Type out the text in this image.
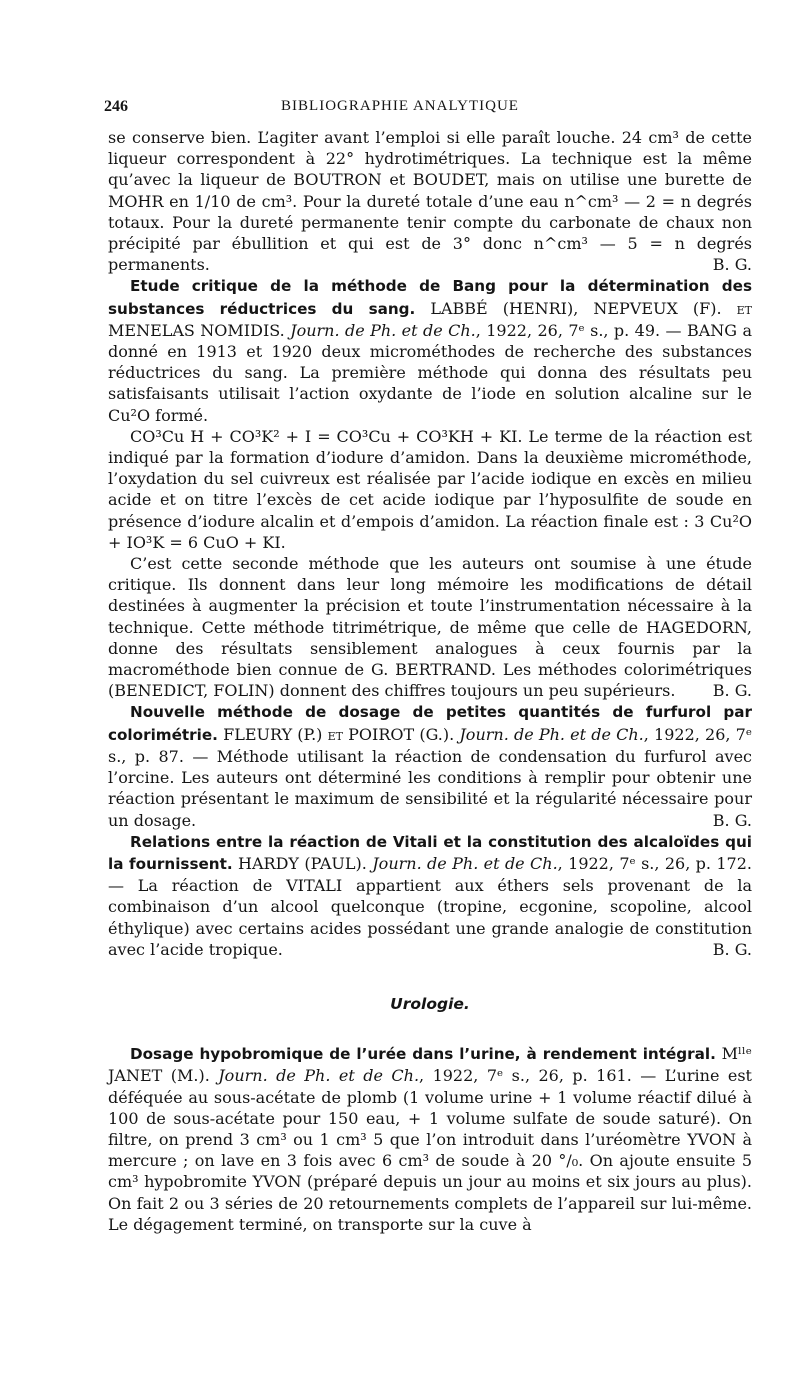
246	BIBLIOGRAPHIE ANALYTIQUE

se conserve bien. L’agiter avant l’emploi si elle paraît louche. 24 cm³ de cette liqueur correspondent à 22° hydrotimétriques. La technique est la même qu’avec la liqueur de BOUTRON et BOUDET, mais on utilise une burette de MOHR en 1/10 de cm³. Pour la dureté totale d’une eau n^cm³ — 2 = n degrés totaux. Pour la dureté permanente tenir compte du carbonate de chaux non précipité par ébullition et qui est de 3° donc n^cm³ — 5 = n degrés permanents.	B. G.

Etude critique de la méthode de Bang pour la détermination des substances réductrices du sang. LABBÉ (HENRI), NEPVEUX (F). et MENELAS NOMIDIS. Journ. de Ph. et de Ch., 1922, 26, 7ᵉ s., p. 49. — BANG a donné en 1913 et 1920 deux microméthodes de recherche des substances réductrices du sang. La première méthode qui donna des résultats peu satisfaisants utilisait l’action oxydante de l’iode en solution alcaline sur le Cu²O formé.

CO³Cu H + CO³K² + I = CO³Cu + CO³KH + KI. Le terme de la réaction est indiqué par la formation d’iodure d’amidon. Dans la deuxième microméthode, l’oxydation du sel cuivreux est réalisée par l’acide iodique en excès en milieu acide et on titre l’excès de cet acide iodique par l’hyposulfite de soude en présence d’iodure alcalin et d’empois d’amidon. La réaction finale est : 3 Cu²O + IO³K = 6 CuO + KI.

C’est cette seconde méthode que les auteurs ont soumise à une étude critique. Ils donnent dans leur long mémoire les modifications de détail destinées à augmenter la précision et toute l’instrumentation nécessaire à la technique. Cette méthode titrimétrique, de même que celle de HAGEDORN, donne des résultats sensiblement analogues à ceux fournis par la macrométhode bien connue de G. BERTRAND. Les méthodes colorimétriques (BENEDICT, FOLIN) donnent des chiffres toujours un peu supérieurs.	B. G.

Nouvelle méthode de dosage de petites quantités de furfurol par colorimétrie. FLEURY (P.) et POIROT (G.). Journ. de Ph. et de Ch., 1922, 26, 7ᵉ s., p. 87. — Méthode utilisant la réaction de condensation du furfurol avec l’orcine. Les auteurs ont déterminé les conditions à remplir pour obtenir une réaction présentant le maximum de sensibilité et la régularité nécessaire pour un dosage.	B. G.

Relations entre la réaction de Vitali et la constitution des alcaloïdes qui la fournissent. HARDY (PAUL). Journ. de Ph. et de Ch., 1922, 7ᵉ s., 26, p. 172. — La réaction de VITALI appartient aux éthers sels provenant de la combinaison d’un alcool quelconque (tropine, ecgonine, scopoline, alcool éthylique) avec certains acides possédant une grande analogie de constitution avec l’acide tropique.	B. G.

Urologie.

Dosage hypobromique de l’urée dans l’urine, à rendement intégral. Mˡˡᵉ JANET (M.). Journ. de Ph. et de Ch., 1922, 7ᵉ s., 26, p. 161. — L’urine est déféquée au sous-acétate de plomb (1 volume urine + 1 volume réactif dilué à 100 de sous-acétate pour 150 eau, + 1 volume sulfate de soude saturé). On filtre, on prend 3 cm³ ou 1 cm³ 5 que l’on introduit dans l’uréomètre YVON à mercure ; on lave en 3 fois avec 6 cm³ de soude à 20 °/₀. On ajoute ensuite 5 cm³ hypobromite YVON (préparé depuis un jour au moins et six jours au plus). On fait 2 ou 3 séries de 20 retournements complets de l’appareil sur lui-même. Le dégagement terminé, on transporte sur la cuve à
